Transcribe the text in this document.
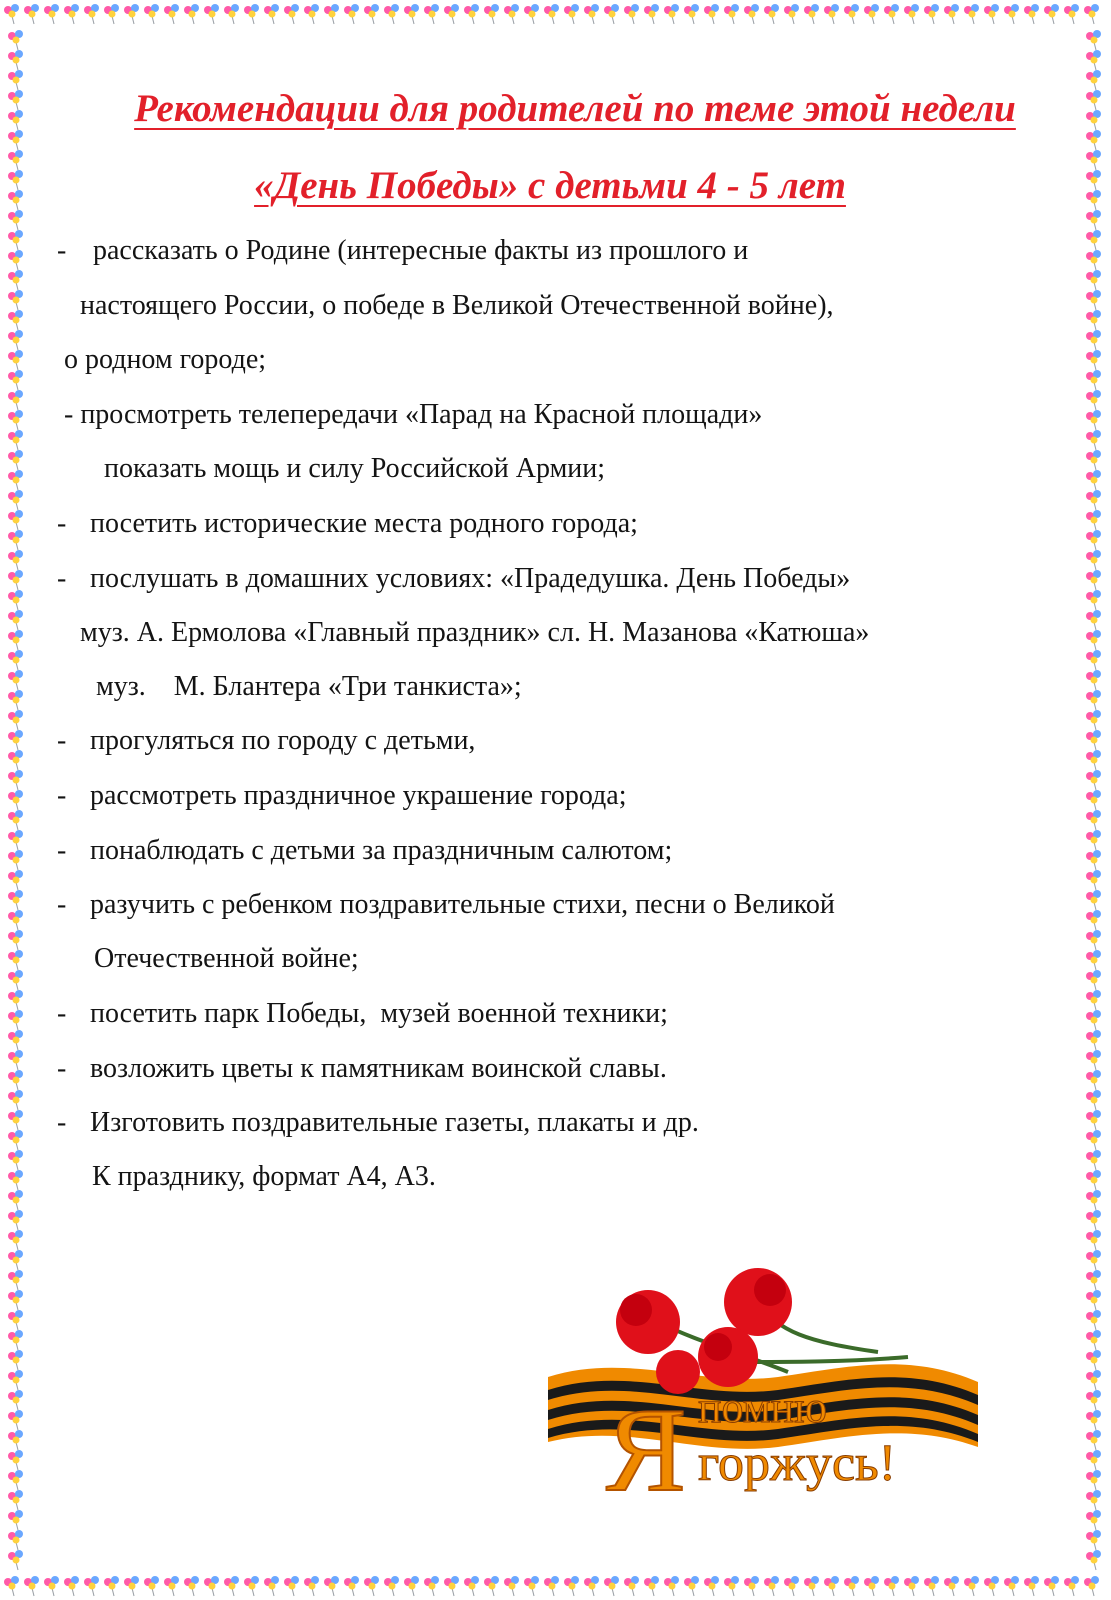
Рекомендации для родителей по теме этой недели
«День Победы» с детьми 4 - 5 лет
- рассказать о Родине (интересные факты из прошлого и
настоящего России, о победе в Великой Отечественной войне),
о родном городе;
- просмотреть телепередачи «Парад на Красной площади»
показать мощь и силу Российской Армии;
- посетить исторические места родного города;
- послушать в домашних условиях: «Прадедушка. День Победы»
муз. А. Ермолова «Главный праздник» сл. Н. Мазанова «Катюша»
муз.    М. Блантера «Три танкиста»;
- прогуляться по городу с детьми,
- рассмотреть праздничное украшение города;
- понаблюдать с детьми за праздничным салютом;
- разучить с ребенком поздравительные стихи, песни о Великой
Отечественной войне;
- посетить парк Победы,  музей военной техники;
- возложить цветы к памятникам воинской славы.
- Изготовить поздравительные газеты, плакаты и др.
К празднику, формат А4, А3.
Я помню
горжусь!
